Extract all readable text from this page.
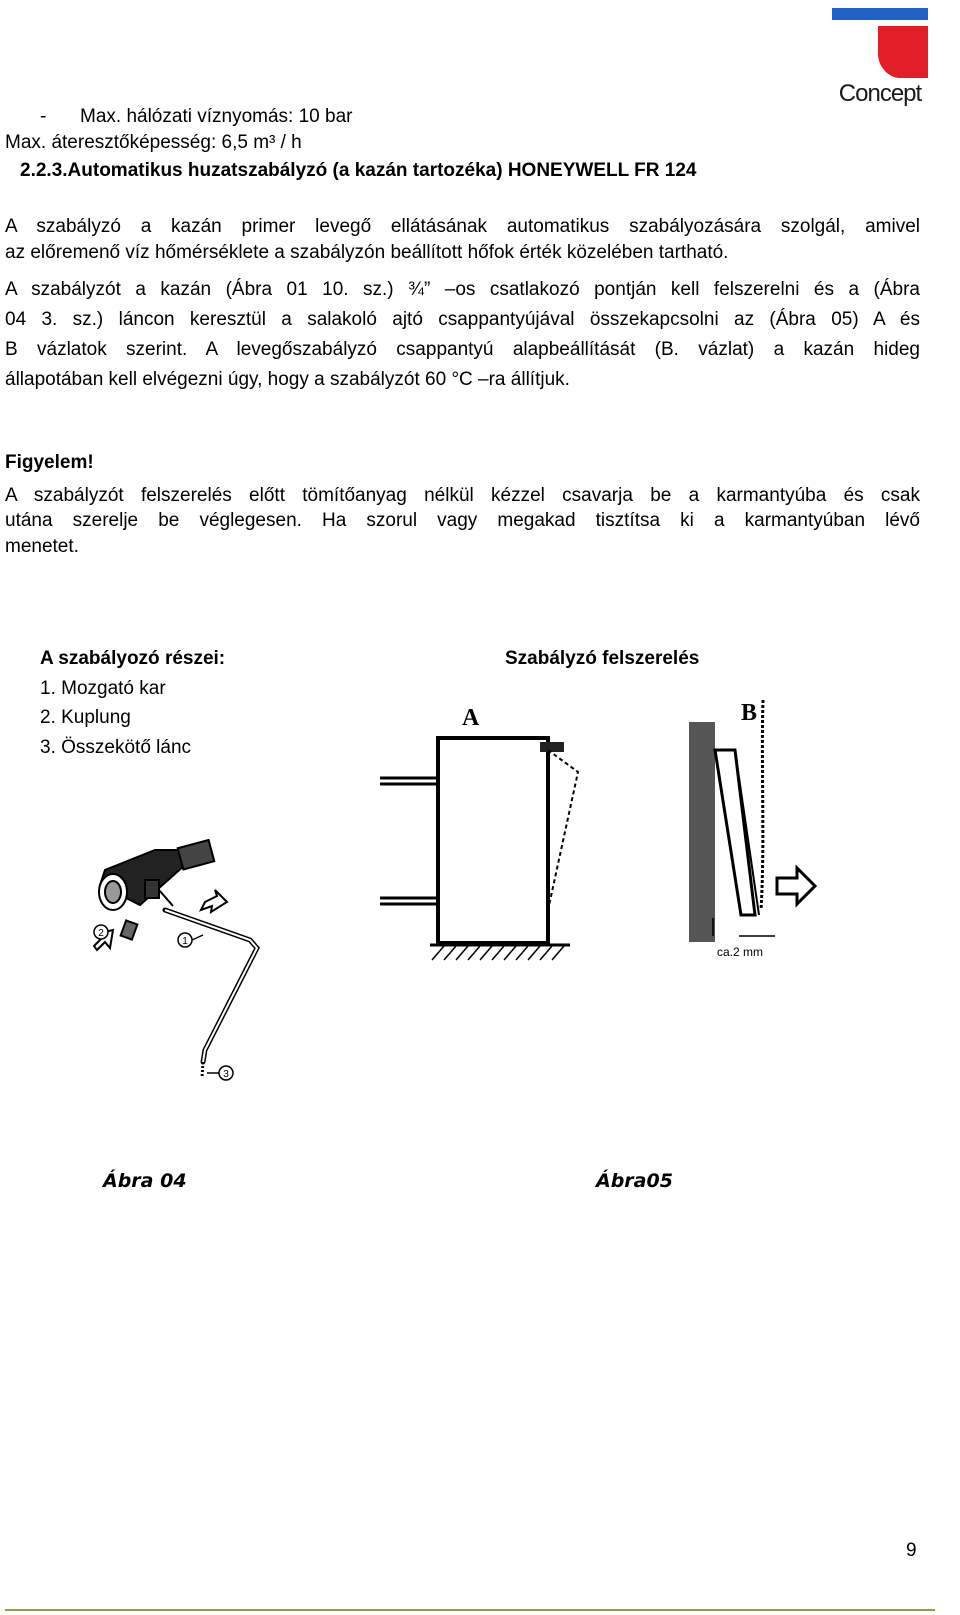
Concept
- Max. hálózati víznyomás: 10 bar
Max. áteresztőképesség: 6,5 m³ / h
2.2.3.Automatikus huzatszabályzó (a kazán tartozéka) HONEYWELL FR 124
A szabályzó a kazán primer levegő ellátásának automatikus szabályozására szolgál, amivel
az előremenő víz hőmérséklete a szabályzón beállított hőfok érték közelében tartható.
A szabályzót a kazán (Ábra 01 10. sz.) ¾” –os csatlakozó pontján kell felszerelni és a (Ábra
04 3. sz.) láncon keresztül a salakoló ajtó csappantyújával összekapcsolni az (Ábra 05) A és
B vázlatok szerint. A levegőszabályzó csappantyú alapbeállítását (B. vázlat) a kazán hideg
állapotában kell elvégezni úgy, hogy a szabályzót 60 °C –ra állítjuk.
Figyelem!
A szabályzót felszerelés előtt tömítőanyag nélkül kézzel csavarja be a karmantyúba és csak
utána szerelje be véglegesen. Ha szorul vagy megakad tisztítsa ki a karmantyúban lévő
menetet.
A szabályozó részei:
1. Mozgató kar
2. Kuplung
3. Összekötő lánc
Szabályzó felszerelés
1
2
3
A	B
ca.2 mm
Ábra 04	Ábra05
9
